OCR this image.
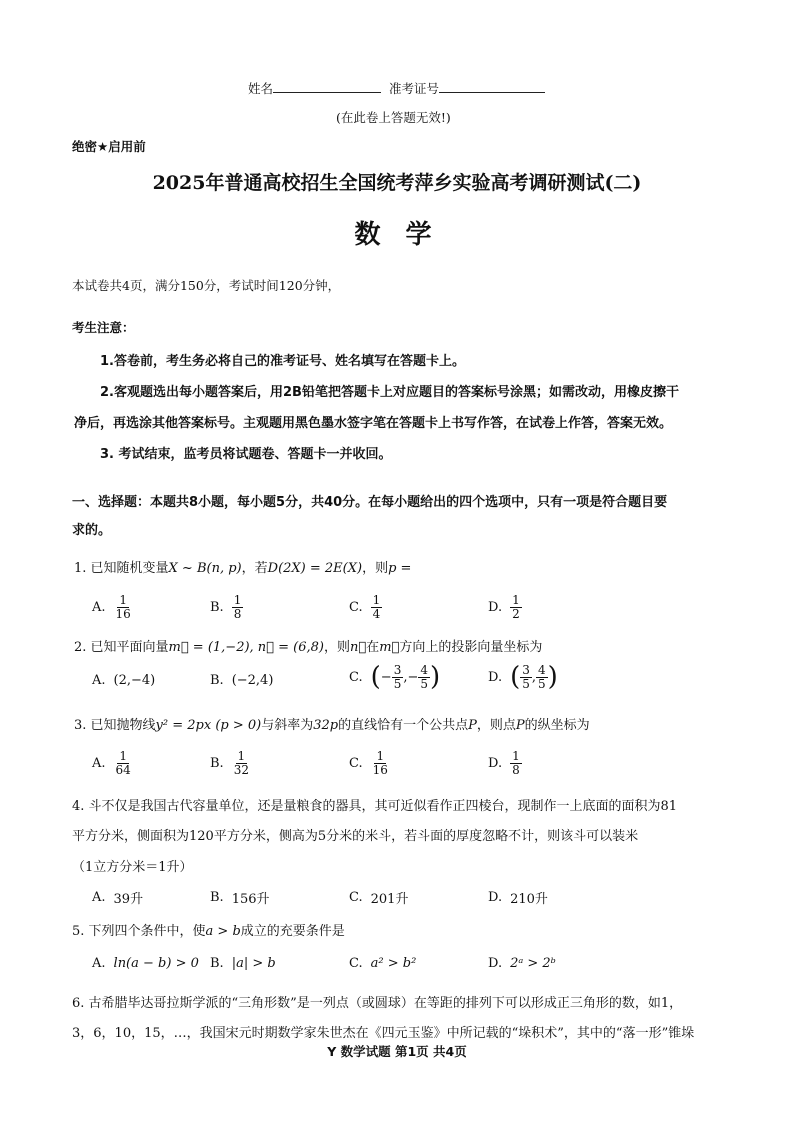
姓名	准考证号
(在此卷上答题无效!)
绝密★启用前
2025年普通高校招生全国统考萍乡实验高考调研测试(二)
数 学
本试卷共4页，满分150分，考试时间120分钟，
考生注意：
1.答卷前，考生务必将自己的准考证号、姓名填写在答题卡上。
2.客观题选出每小题答案后，用2B铅笔把答题卡上对应题目的答案标号涂黑；如需改动，用橡皮擦干
净后，再选涂其他答案标号。主观题用黑色墨水签字笔在答题卡上书写作答，在试卷上作答，答案无效。
3. 考试结束，监考员将试题卷、答题卡一并收回。
一、选择题：本题共8小题，每小题5分，共40分。在每小题给出的四个选项中，只有一项是符合题目要
求的。
1. 已知随机变量X ~ B(n, p)，若D(2X) = 2E(X)，则p =
A. $\frac{1}{16}$	B. $\frac{1}{8}$	C. $\frac{1}{4}$	D. $\frac{1}{2}$
2. 已知平面向量m⃗ = (1,−2), n⃗ = (6,8)，则n⃗在m⃗方向上的投影向量坐标为
A. (2,−4)	B. (−2,4)	C. ( − $\frac{3}{5}$ , − $\frac{4}{5}$ )	D. ( $\frac{3}{5}$ , $\frac{4}{5}$ )
3. 已知抛物线y² = 2px (p > 0)与斜率为32p的直线恰有一个公共点P，则点P的纵坐标为
A. $\frac{1}{64}$	B. $\frac{1}{32}$	C. $\frac{1}{16}$	D. $\frac{1}{8}$
4. 斗不仅是我国古代容量单位，还是量粮食的器具，其可近似看作正四棱台，现制作一上底面的面积为81
平方分米，侧面积为120平方分米，侧高为5分米的米斗，若斗面的厚度忽略不计，则该斗可以装米
（1立方分米＝1升）
A. 39升	B. 156升	C. 201升	D. 210升
5. 下列四个条件中，使a > b成立的充要条件是
A. ln(a − b) > 0 B. |a| > b	C. a² > b²	D. 2ᵃ > 2ᵇ
6. 古希腊毕达哥拉斯学派的“三角形数”是一列点（或圆球）在等距的排列下可以形成正三角形的数，如1，
3，6，10，15，…，我国宋元时期数学家朱世杰在《四元玉鉴》中所记载的“垛积术”，其中的“落一形”锥垛
Y 数学试题 第1页 共4页
